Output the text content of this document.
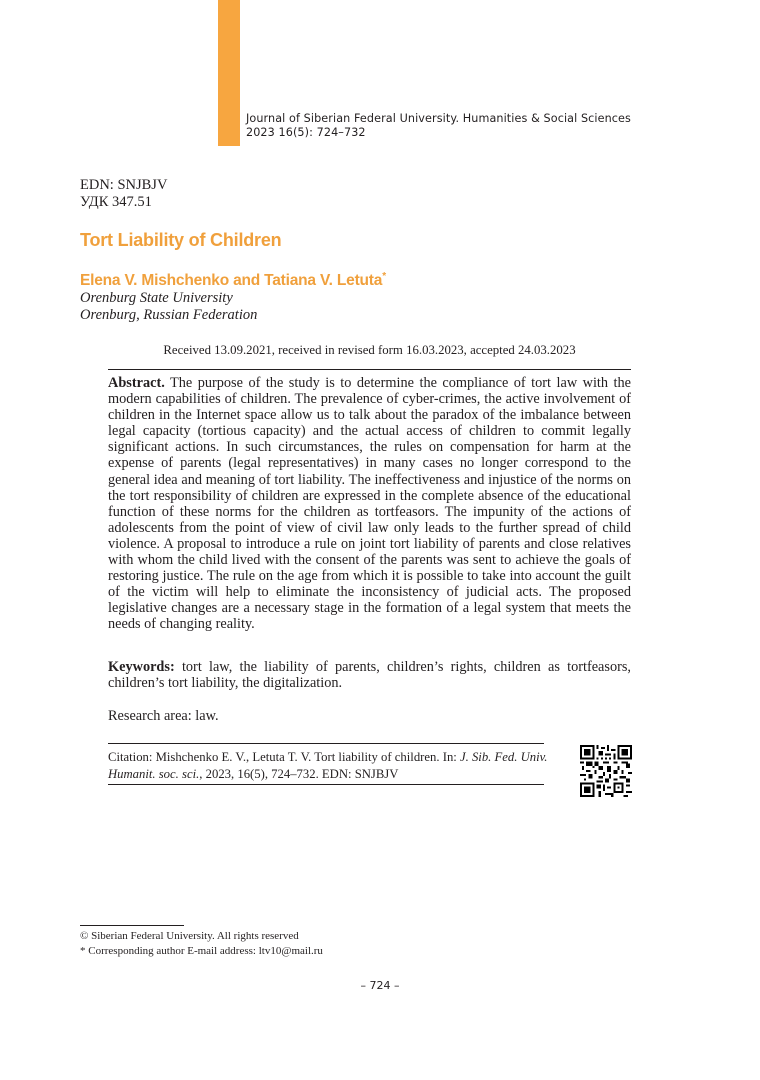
Journal of Siberian Federal University. Humanities & Social Sciences
2023 16(5): 724–732
EDN: SNJBJV
УДК 347.51
Tort Liability of Children
Elena V. Mishchenko and Tatiana V. Letuta*
Orenburg State University
Orenburg, Russian Federation
Received 13.09.2021, received in revised form 16.03.2023, accepted 24.03.2023
Abstract. The purpose of the study is to determine the compliance of tort law with the modern capabilities of children. The prevalence of cyber-crimes, the active involvement of children in the Internet space allow us to talk about the paradox of the imbalance between legal capacity (tortious capacity) and the actual access of children to commit legally significant actions. In such circumstances, the rules on compensation for harm at the expense of parents (legal representatives) in many cases no longer correspond to the general idea and meaning of tort liability. The ineffectiveness and injustice of the norms on the tort responsibility of children are expressed in the complete absence of the educational function of these norms for the children as tortfeasors. The impunity of the actions of adolescents from the point of view of civil law only leads to the further spread of child violence. A proposal to introduce a rule on joint tort liability of parents and close relatives with whom the child lived with the consent of the parents was sent to achieve the goals of restoring justice. The rule on the age from which it is possible to take into account the guilt of the victim will help to eliminate the inconsistency of judicial acts. The proposed legislative changes are a necessary stage in the formation of a legal system that meets the needs of changing reality.
Keywords: tort law, the liability of parents, children’s rights, children as tortfeasors, children’s tort liability, the digitalization.
Research area: law.
Citation: Mishchenko E. V., Letuta T. V. Tort liability of children. In: J. Sib. Fed. Univ. Humanit. soc. sci., 2023, 16(5), 724–732. EDN: SNJBJV
© Siberian Federal University. All rights reserved
* Corresponding author E-mail address: ltv10@mail.ru
– 724 –
